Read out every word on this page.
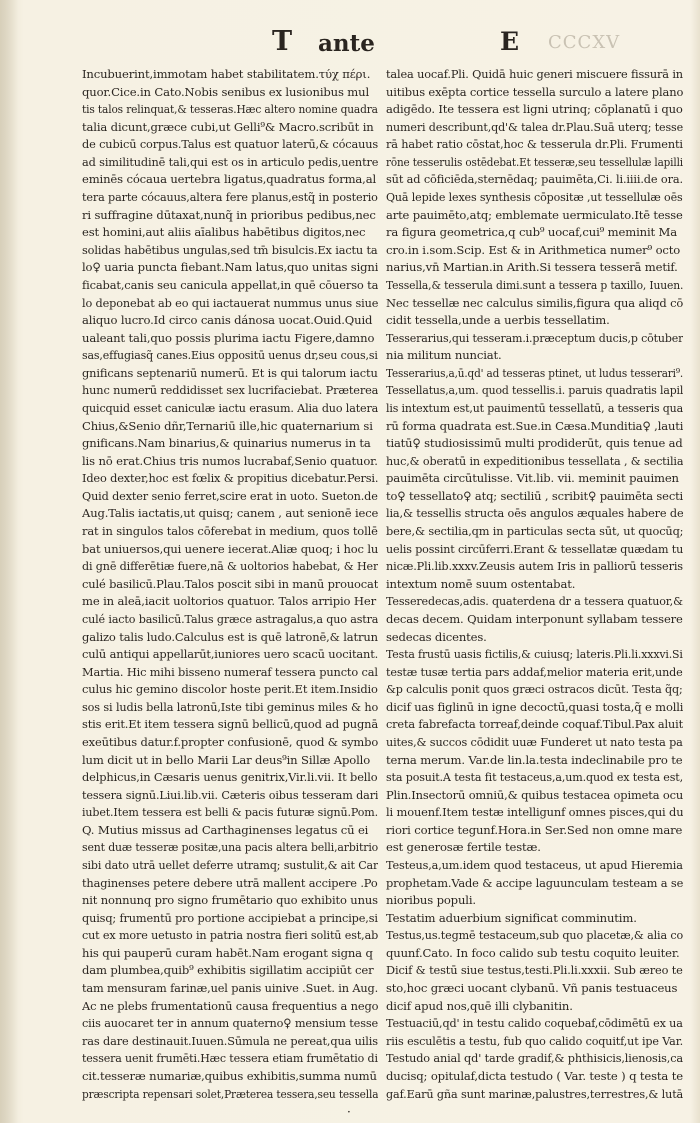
T ante	E CCCXV
Incubuerint,immotam habet stabilitatem.τύχ πέρι.
quor.Cice.in Cato.Nobis senibus ex lusionibus mul
tis talos relinquat,& tesseras.Hæc altero nomine quadra
talia dicunt,græce cubi,ut Gelli⁹& Macro.scribūt in
de cubicū corpus.Talus est quatuor laterū,& cócauus
ad similitudinē tali,qui est os in articulo pedis,uentre
eminēs cócaua uertebra ligatus,quadratus forma,al
tera parte cócauus,altera fere planus,estq̃ in posterio
ri suffragine dūtaxat,nunq̃ in prioribus pedibus,nec
est homini,aut aliis aīalibus habētibus digitos,nec
solidas habētibus ungulas,sed tm̄ bisulcis.Ex iactu ta
lo♀ uaria puncta fiebant.Nam latus,quo unitas signi
ficabat,canis seu canicula appellat,in quē cōuerso ta
lo deponebat ab eo qui iactauerat nummus unus siue
aliquo lucro.Id circo canis dánosa uocat.Ouid.Quid
ualeant tali,quo possis plurima iactu Figere,damno
sas,effugiasq̃ canes.Eius oppositū uenus dr,seu cous,si
gnificans septenariū numerū. Et is qui talorum iactu
hunc numerū reddidisset sex lucrifaciebat. Præterea
quicquid esset caniculæ iactu erasum. Alia duo latera
Chius,&Senio dñr,Ternariū ille,hic quaternarium si
gnificans.Nam binarius,& quinarius numerus in ta
lis nō erat.Chius tris numos lucrabaf,Senio quatuor.
Ideo dexter,hoc est fœlix & propitius dicebatur.Persi.
Quid dexter senio ferret,scire erat in uoto. Sueton.de
Aug.Talis iactatis,ut quisq; canem , aut senionē iece
rat in singulos talos cōferebat in medium, quos tollē
bat uniuersos,qui uenere iecerat.Aliæ quoq; i hoc lu
di gnē differētiæ fuere,nā & uoltorios habebat, & Her
culé basilicū.Plau.Talos poscit sibi in manū prouocat
me in aleā,iacit uoltorios quatuor. Talos arripio Her
culé iacto basilicū.Talus græce astragalus,a quo astra
galizo talis ludo.Calculus est is quē latronē,& latrun
culū antiqui appellarūt,iuniores uero scacū uocitant.
Martia. Hic mihi bisseno numeraf tessera puncto cal
culus hic gemino discolor hoste perit.Et item.Insidio
sos si ludis bella latronū,Iste tibi geminus miles & ho
stis erit.Et item tessera signū bellicū,quod ad pugnā
exeūtibus datur.f.propter confusionē, quod & symbo
lum dicit ut in bello Marii Lar deus⁹in Sillæ Apollo
delphicus,in Cæsaris uenus genitrix,Vir.li.vii. It bello
tessera signū.Liui.lib.vii. Cæteris oibus tesseram dari
iubet.Item tessera est belli & pacis futuræ signū.Pom.
Q. Mutius missus ad Carthaginenses legatus cū ei
sent duæ tesseræ positæ,una pacis altera belli,arbitrio
sibi dato utrā uellet deferre utramq; sustulit,& ait Car
thaginenses petere debere utrā mallent accipere .Po
nit nonnunq pro signo frumētario quo exhibito unus
quisq; frumentū pro portione accipiebat a principe,si
cut ex more uetusto in patria nostra fieri solitū est,ab
his qui pauperū curam habēt.Nam erogant signa q
dam plumbea,quib⁹ exhibitis sigillatim accipiūt cer
tam mensuram farinæ,uel panis uinive .Suet. in Aug.
Ac ne plebs frumentationū causa frequentius a nego
ciis auocaret ter in annum quaterno♀ mensium tesse
ras dare destinauit.Iuuen.Sūmula ne pereat,qua uilis
tessera uenit frumēti.Hæc tessera etiam frumētatio di
cit.tesseræ numariæ,quibus exhibitis,summa numū
præscripta repensari solet,Præterea tessera,seu tessella
talea uocaf.Pli. Quidā huic generi miscuere fissurā in
uitibus exēpta cortice tessella surculo a latere plano
adigēdo. Ite tessera est ligni utrinq; cōplanatū i quo
numeri describunt,qd'& talea dr.Plau.Suā uterq; tesse
rā habet ratio cōstat,hoc & tesserula dr.Pli. Frumenti
rōne tesserulis ostēdebat.Et tesseræ,seu tessellulæ lapilli
sūt ad cōficiēda,sternēdaq; pauimēta,Ci. li.iiii.de ora.
Quā lepide lexes synthesis cōpositæ ,ut tessellulæ oēs
arte pauimēto,atq; emblemate uermiculato.Itē tesse
ra figura geometrica,q cub⁹ uocaf,cui⁹ meminit Ma
cro.in i.som.Scip. Est & in Arithmetica numer⁹ octo
narius,vn̄ Martian.in Arith.Si tessera tesserā metif.
Tessella,& tesserula dimi.sunt a tessera p taxillo, Iuuen.
Nec tessellæ nec calculus similis,figura qua aliqd cō
cidit tessella,unde a uerbis tessellatim.
Tesserarius,qui tesseram.i.præceptum ducis,p cōtuber
nia militum nunciat.
Tesserarius,a,ū.qd' ad tesseras ptinet, ut ludus tesserari⁹.
Tessellatus,a,um. quod tessellis.i. paruis quadratis lapil
lis intextum est,ut pauimentū tessellatū, a tesseris qua
rū forma quadrata est.Sue.in Cæsa.Munditia♀ ,lauti
tiatū♀ studiosissimū multi prodiderūt, quis tenue ad
huc,& oberatū in expeditionibus tessellata , & sectilia
pauimēta circūtulisse. Vit.lib. vii. meminit pauimen
to♀ tessellato♀ atq; sectiliū , scribit♀ pauimēta secti
lia,& tessellis structa oēs angulos æquales habere de
bere,& sectilia,qm in particulas secta sūt, ut quocūq;
uelis possint circūferri.Erant & tessellatæ quædam tu
nicæ.Pli.lib.xxxv.Zeusis autem Iris in palliorū tesseris
intextum nomē suum ostentabat.
Tesseredecas,adis. quaterdena dr a tessera quatuor,&
decas decem. Quidam interponunt syllabam tessere
sedecas dicentes.
Testa frustū uasis fictilis,& cuiusq; lateris.Pli.li.xxxvi.Si
testæ tusæ tertia pars addaf,melior materia erit,unde
&p calculis ponit quos græci ostracos dicūt. Testa q̃q;
dicif uas figlinū in igne decoctū,quasi tosta,q̃ e molli
creta fabrefacta torreaf,deinde coquaf.Tibul.Pax aluit
uites,& succos cōdidit uuæ Funderet ut nato testa pa
terna merum. Var.de lin.la.testa indeclinabile pro te
sta posuit.A testa fit testaceus,a,um.quod ex testa est,
Plin.Insectorū omniū,& quibus testacea opimeta ocu
li mouenf.Item testæ intelligunf omnes pisces,qui du
riori cortice tegunf.Hora.in Ser.Sed non omne mare
est generosæ fertile testæ.
Testeus,a,um.idem quod testaceus, ut apud Hieremia
prophetam.Vade & accipe laguunculam testeam a se
nioribus populi.
Testatim aduerbium significat comminutim.
Testus,us.tegmē testaceum,sub quo placetæ,& alia co
quunf.Cato. In foco calido sub testu coquito leuiter.
Dicif & testū siue testus,testi.Pli.li.xxxii. Sub æreo te
sto,hoc græci uocant clybanū. Vñ panis testuaceus
dicif apud nos,quē illi clybanitin.
Testuaciū,qd' in testu calido coquebaf,cōdimētū ex ua
riis esculētis a testu, fub quo calido coquitf,ut ipe Var.
Testudo anial qd' tarde gradif,& phthisicis,lienosis,ca
ducisq; opitulaf,dicta testudo ( Var. teste ) q testa te
gaf.Earū gña sunt marinæ,palustres,terrestres,& lutā
·
